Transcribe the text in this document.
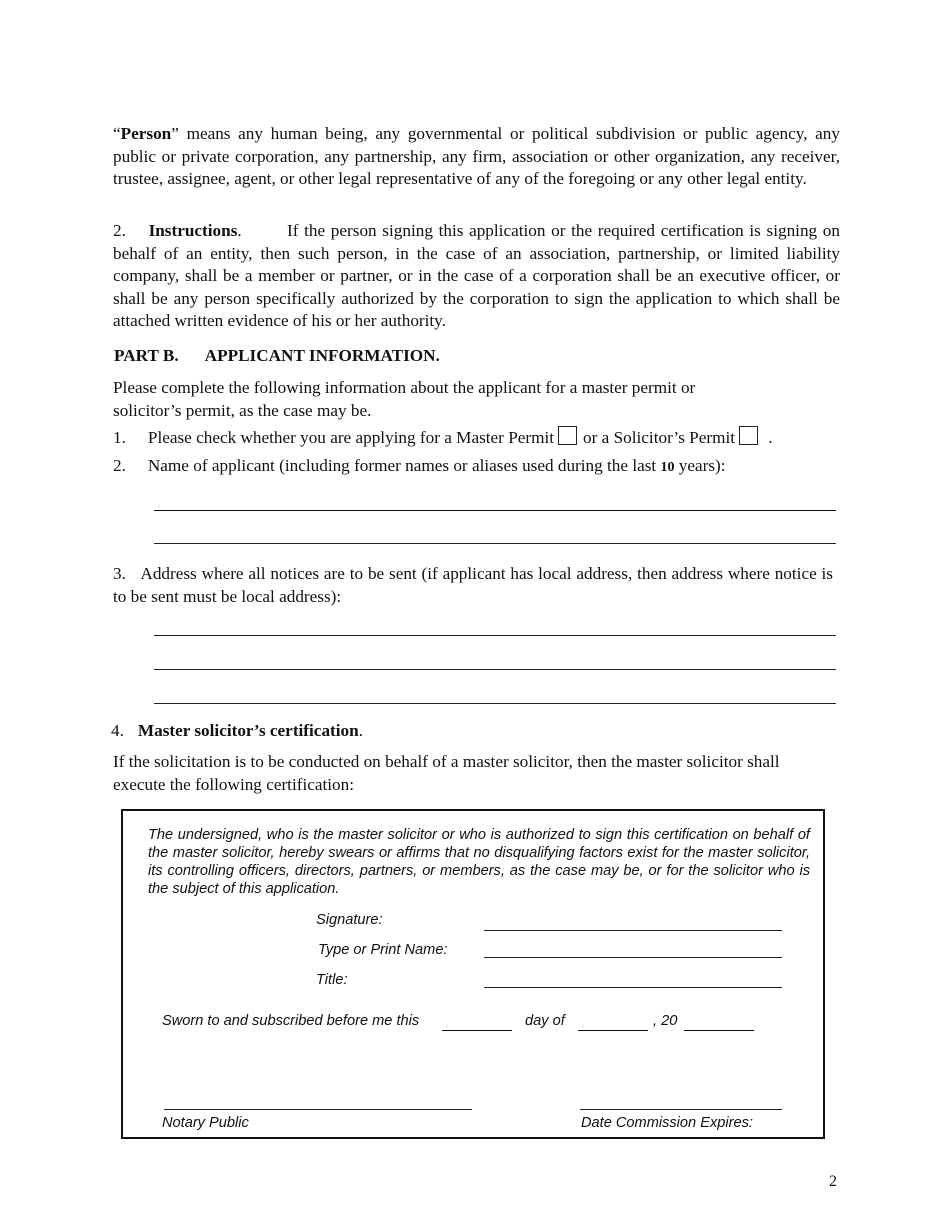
“Person” means any human being, any governmental or political subdivision or public agency, any public or private corporation, any partnership, any firm, association or other organization, any receiver, trustee, assignee, agent, or other legal representative of any of the foregoing or any other legal entity.
2. Instructions.        If the person signing this application or the required certification is signing on behalf of an entity, then such person, in the case of an association, partnership, or limited liability company, shall be a member or partner, or in the case of a corporation shall be an executive officer, or shall be any person specifically authorized by the corporation to sign the application to which shall be attached written evidence of his or her authority.
PART B. APPLICANT INFORMATION.
Please complete the following information about the applicant for a master permit or
solicitor’s permit, as the case may be.
1. Please check whether you are applying for a Master Permit or a Solicitor’s Permit .
2. Name of applicant (including former names or aliases used during the last 10 years):
3. Address where all notices are to be sent (if applicant has local address, then address where notice is to be sent must be local address):
4. Master solicitor’s certification.
If the solicitation is to be conducted on behalf of a master solicitor, then the master solicitor shall execute the following certification:
The undersigned, who is the master solicitor or who is authorized to sign this certification on behalf of the master solicitor, hereby swears or affirms that no disqualifying factors exist for the master solicitor, its controlling officers, directors, partners, or members, as the case may be, or for the solicitor who is the subject of this application.
Signature:
Type or Print Name:
Title:
Sworn to and subscribed before me this	day of	, 20
Notary Public	Date Commission Expires:
2
